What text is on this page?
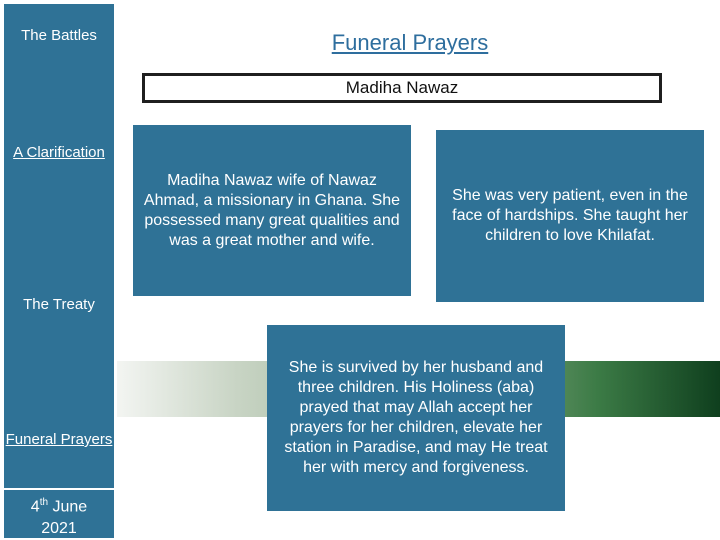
The Battles
A Clarification
The Treaty
Funeral Prayers
4th June
2021
Funeral Prayers
Madiha Nawaz
Madiha Nawaz wife of Nawaz Ahmad, a missionary in Ghana. She possessed many great qualities and was a great mother and wife.
She was very patient, even in the face of hardships. She taught her children to love Khilafat.
She is survived by her husband and three children. His Holiness (aba) prayed that may Allah accept her prayers for her children, elevate her station in Paradise, and may He treat her with mercy and forgiveness.
